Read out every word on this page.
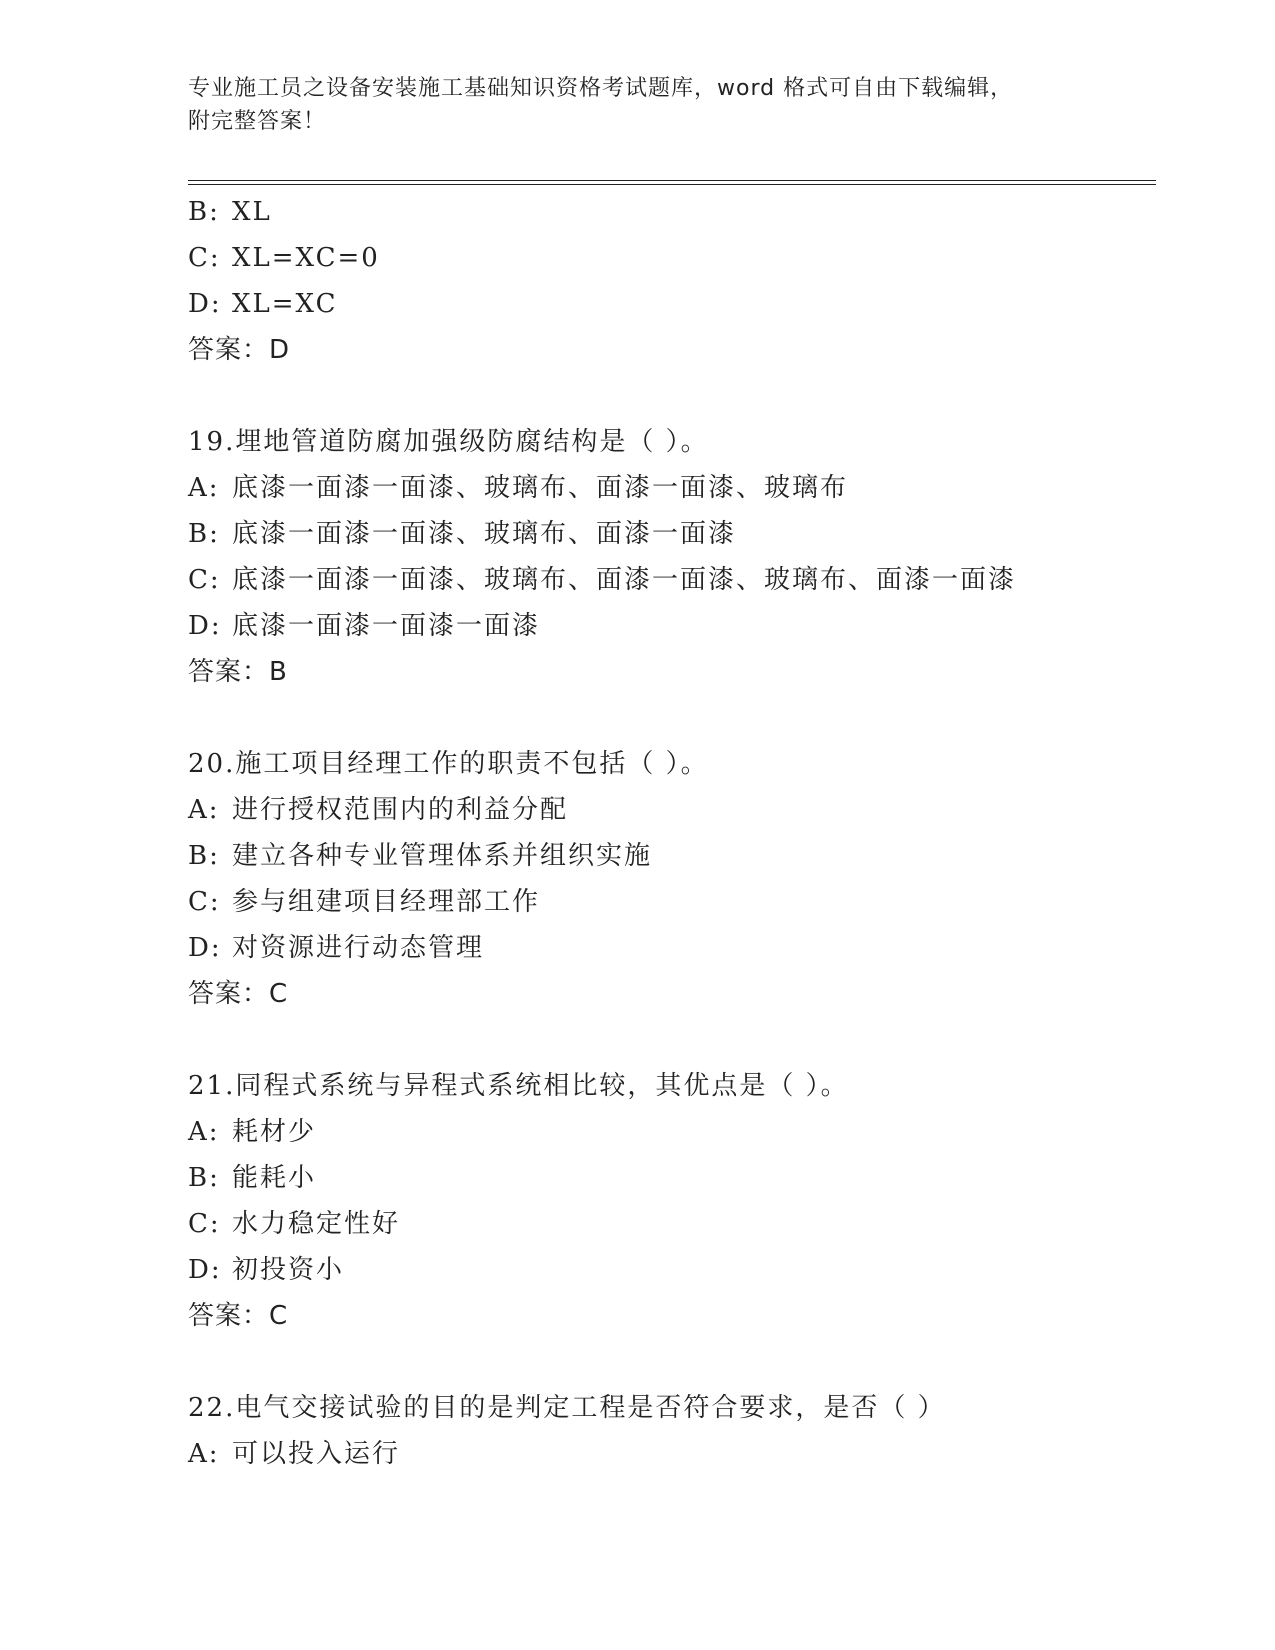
专业施工员之设备安装施工基础知识资格考试题库，word 格式可自由下载编辑，
附完整答案！
B: XL
C: XL=XC=0
D: XL=XC
答案：D
19.埋地管道防腐加强级防腐结构是（ ）。
A: 底漆一面漆一面漆、玻璃布、面漆一面漆、玻璃布
B: 底漆一面漆一面漆、玻璃布、面漆一面漆
C: 底漆一面漆一面漆、玻璃布、面漆一面漆、玻璃布、面漆一面漆
D: 底漆一面漆一面漆一面漆
答案：B
20.施工项目经理工作的职责不包括（ ）。
A: 进行授权范围内的利益分配
B: 建立各种专业管理体系并组织实施
C: 参与组建项目经理部工作
D: 对资源进行动态管理
答案：C
21.同程式系统与异程式系统相比较，其优点是（ ）。
A: 耗材少
B: 能耗小
C: 水力稳定性好
D: 初投资小
答案：C
22.电气交接试验的目的是判定工程是否符合要求，是否（ ）
A: 可以投入运行
